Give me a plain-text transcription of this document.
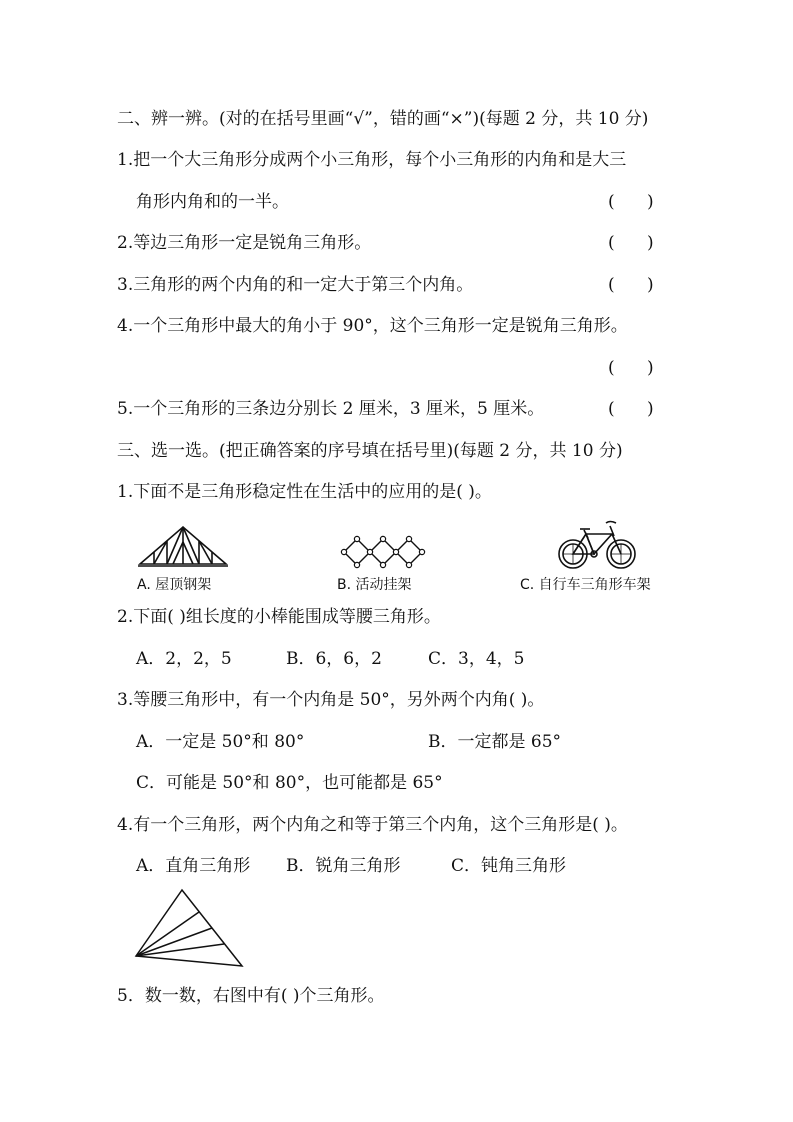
二、辨一辨。(对的在括号里画“√”，错的画“×”)(每题 2 分，共 10 分)
1.把一个大三角形分成两个小三角形，每个小三角形的内角和是大三
角形内角和的一半。	(      )
2.等边三角形一定是锐角三角形。	(      )
3.三角形的两个内角的和一定大于第三个内角。	(      )
4.一个三角形中最大的角小于 90°，这个三角形一定是锐角三角形。
(      )
5.一个三角形的三条边分别长 2 厘米，3 厘米，5 厘米。	(      )
三、选一选。(把正确答案的序号填在括号里)(每题 2 分，共 10 分)
1.下面不是三角形稳定性在生活中的应用的是( )。
A. 屋顶钢架	B. 活动挂架	C. 自行车三角形车架
2.下面( )组长度的小棒能围成等腰三角形。
A．2，2，5	B．6，6，2	C．3，4，5
3.等腰三角形中，有一个内角是 50°，另外两个内角( )。
A．一定是 50°和 80°	B．一定都是 65°
C．可能是 50°和 80°，也可能都是 65°
4.有一个三角形，两个内角之和等于第三个内角，这个三角形是( )。
A．直角三角形 B．锐角三角形	C．钝角三角形
5．数一数，右图中有( )个三角形。
